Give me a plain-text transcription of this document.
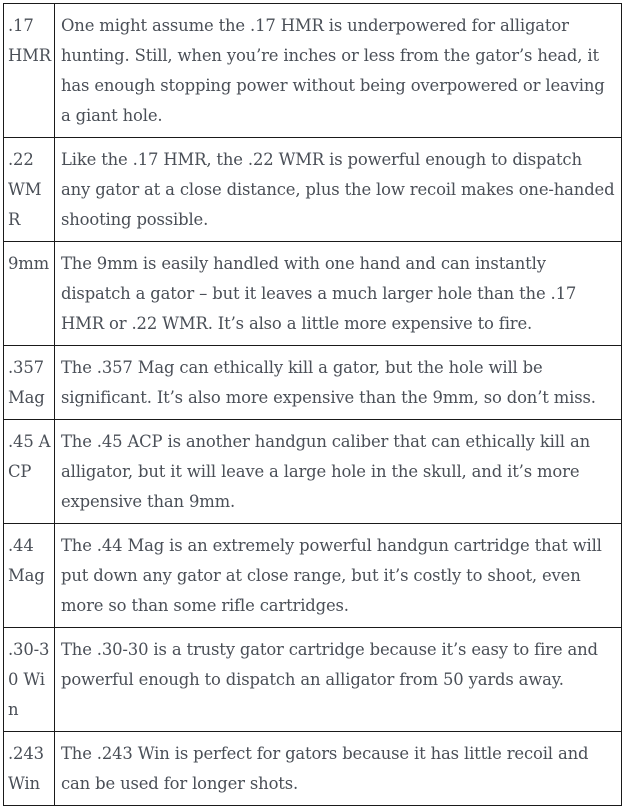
.17 HMR	One might assume the .17 HMR is underpowered for alligator hunting. Still, when you’re inches or less from the gator’s head, it has enough stopping power without being overpowered or leaving a giant hole.
.22 WMR	Like the .17 HMR, the .22 WMR is powerful enough to dispatch any gator at a close distance, plus the low recoil makes one-handed shooting possible.
9mm	The 9mm is easily handled with one hand and can instantly dispatch a gator – but it leaves a much larger hole than the .17 HMR or .22 WMR. It’s also a little more expensive to fire.
.357 Mag	The .357 Mag can ethically kill a gator, but the hole will be significant. It’s also more expensive than the 9mm, so don’t miss.
.45 ACP	The .45 ACP is another handgun caliber that can ethically kill an alligator, but it will leave a large hole in the skull, and it’s more expensive than 9mm.
.44 Mag	The .44 Mag is an extremely powerful handgun cartridge that will put down any gator at close range, but it’s costly to shoot, even more so than some rifle cartridges.
.30-30 Win	The .30-30 is a trusty gator cartridge because it’s easy to fire and powerful enough to dispatch an alligator from 50 yards away.
.243 Win	The .243 Win is perfect for gators because it has little recoil and can be used for longer shots.
